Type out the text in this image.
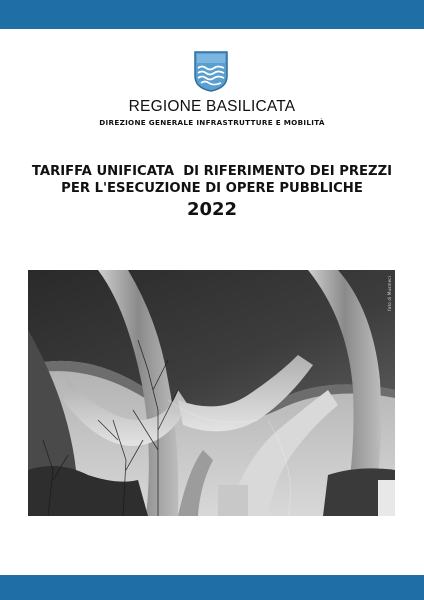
REGIONE BASILICATA
DIREZIONE GENERALE INFRASTRUTTURE E MOBILITÀ
TARIFFA UNIFICATA  DI RIFERIMENTO DEI PREZZI
PER L'ESECUZIONE DI OPERE PUBBLICHE
2022
foto di Musmeci
